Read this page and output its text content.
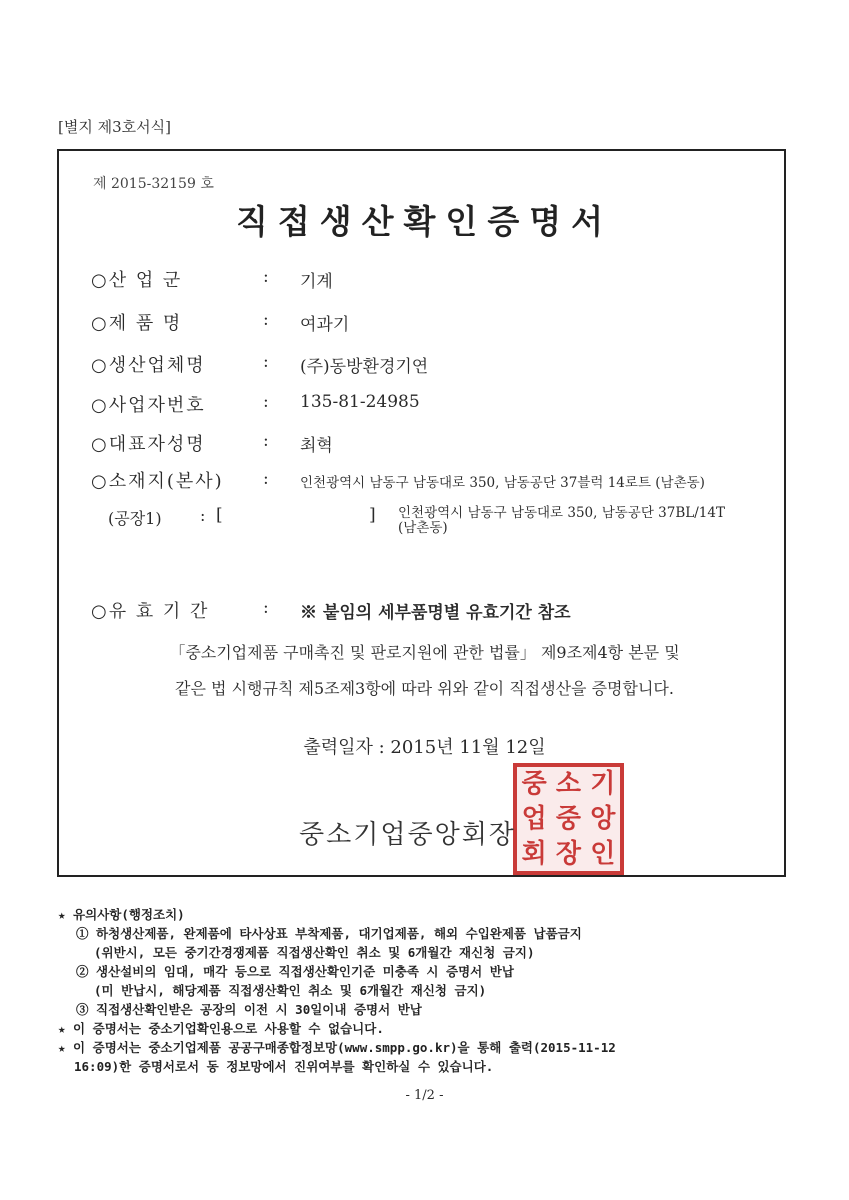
[별지 제3호서식]
제 2015-32159 호
직접생산확인증명서
○산 업 군	: 기계
○제 품 명	: 여과기
○생산업체명	: (주)동방환경기연
○사업자번호	: 135-81-24985
○대표자성명	: 최혁
○소재지(본사) : 인천광역시 남동구 남동대로 350, 남동공단 37블럭 14로트 (남촌동)
(공장1) : [	] 인천광역시 남동구 남동대로 350, 남동공단 37BL/14T
(남촌동)
○유 효 기 간	: ※ 붙임의 세부품명별 유효기간 참조
「중소기업제품 구매촉진 및 판로지원에 관한 법률」 제9조제4항 본문 및
같은 법 시행규칙 제5조제3항에 따라 위와 같이 직접생산을 증명합니다.
출력일자 : 2015년 11월 12일
중 소 기
업 중 앙
회 장 인
중소기업중앙회장
★ 유의사항(행정조치)
① 하청생산제품, 완제품에 타사상표 부착제품, 대기업제품, 해외 수입완제품 납품금지
(위반시, 모든 중기간경쟁제품 직접생산확인 취소 및 6개월간 재신청 금지)
② 생산설비의 임대, 매각 등으로 직접생산확인기준 미충족 시 증명서 반납
(미 반납시, 해당제품 직접생산확인 취소 및 6개월간 재신청 금지)
③ 직접생산확인받은 공장의 이전 시 30일이내 증명서 반납
★ 이 증명서는 중소기업확인용으로 사용할 수 없습니다.
★ 이 증명서는 중소기업제품 공공구매종합정보망(www.smpp.go.kr)을 통해 출력(2015-11-12
16:09)한 증명서로서 동 정보망에서 진위여부를 확인하실 수 있습니다.
- 1/2 -
